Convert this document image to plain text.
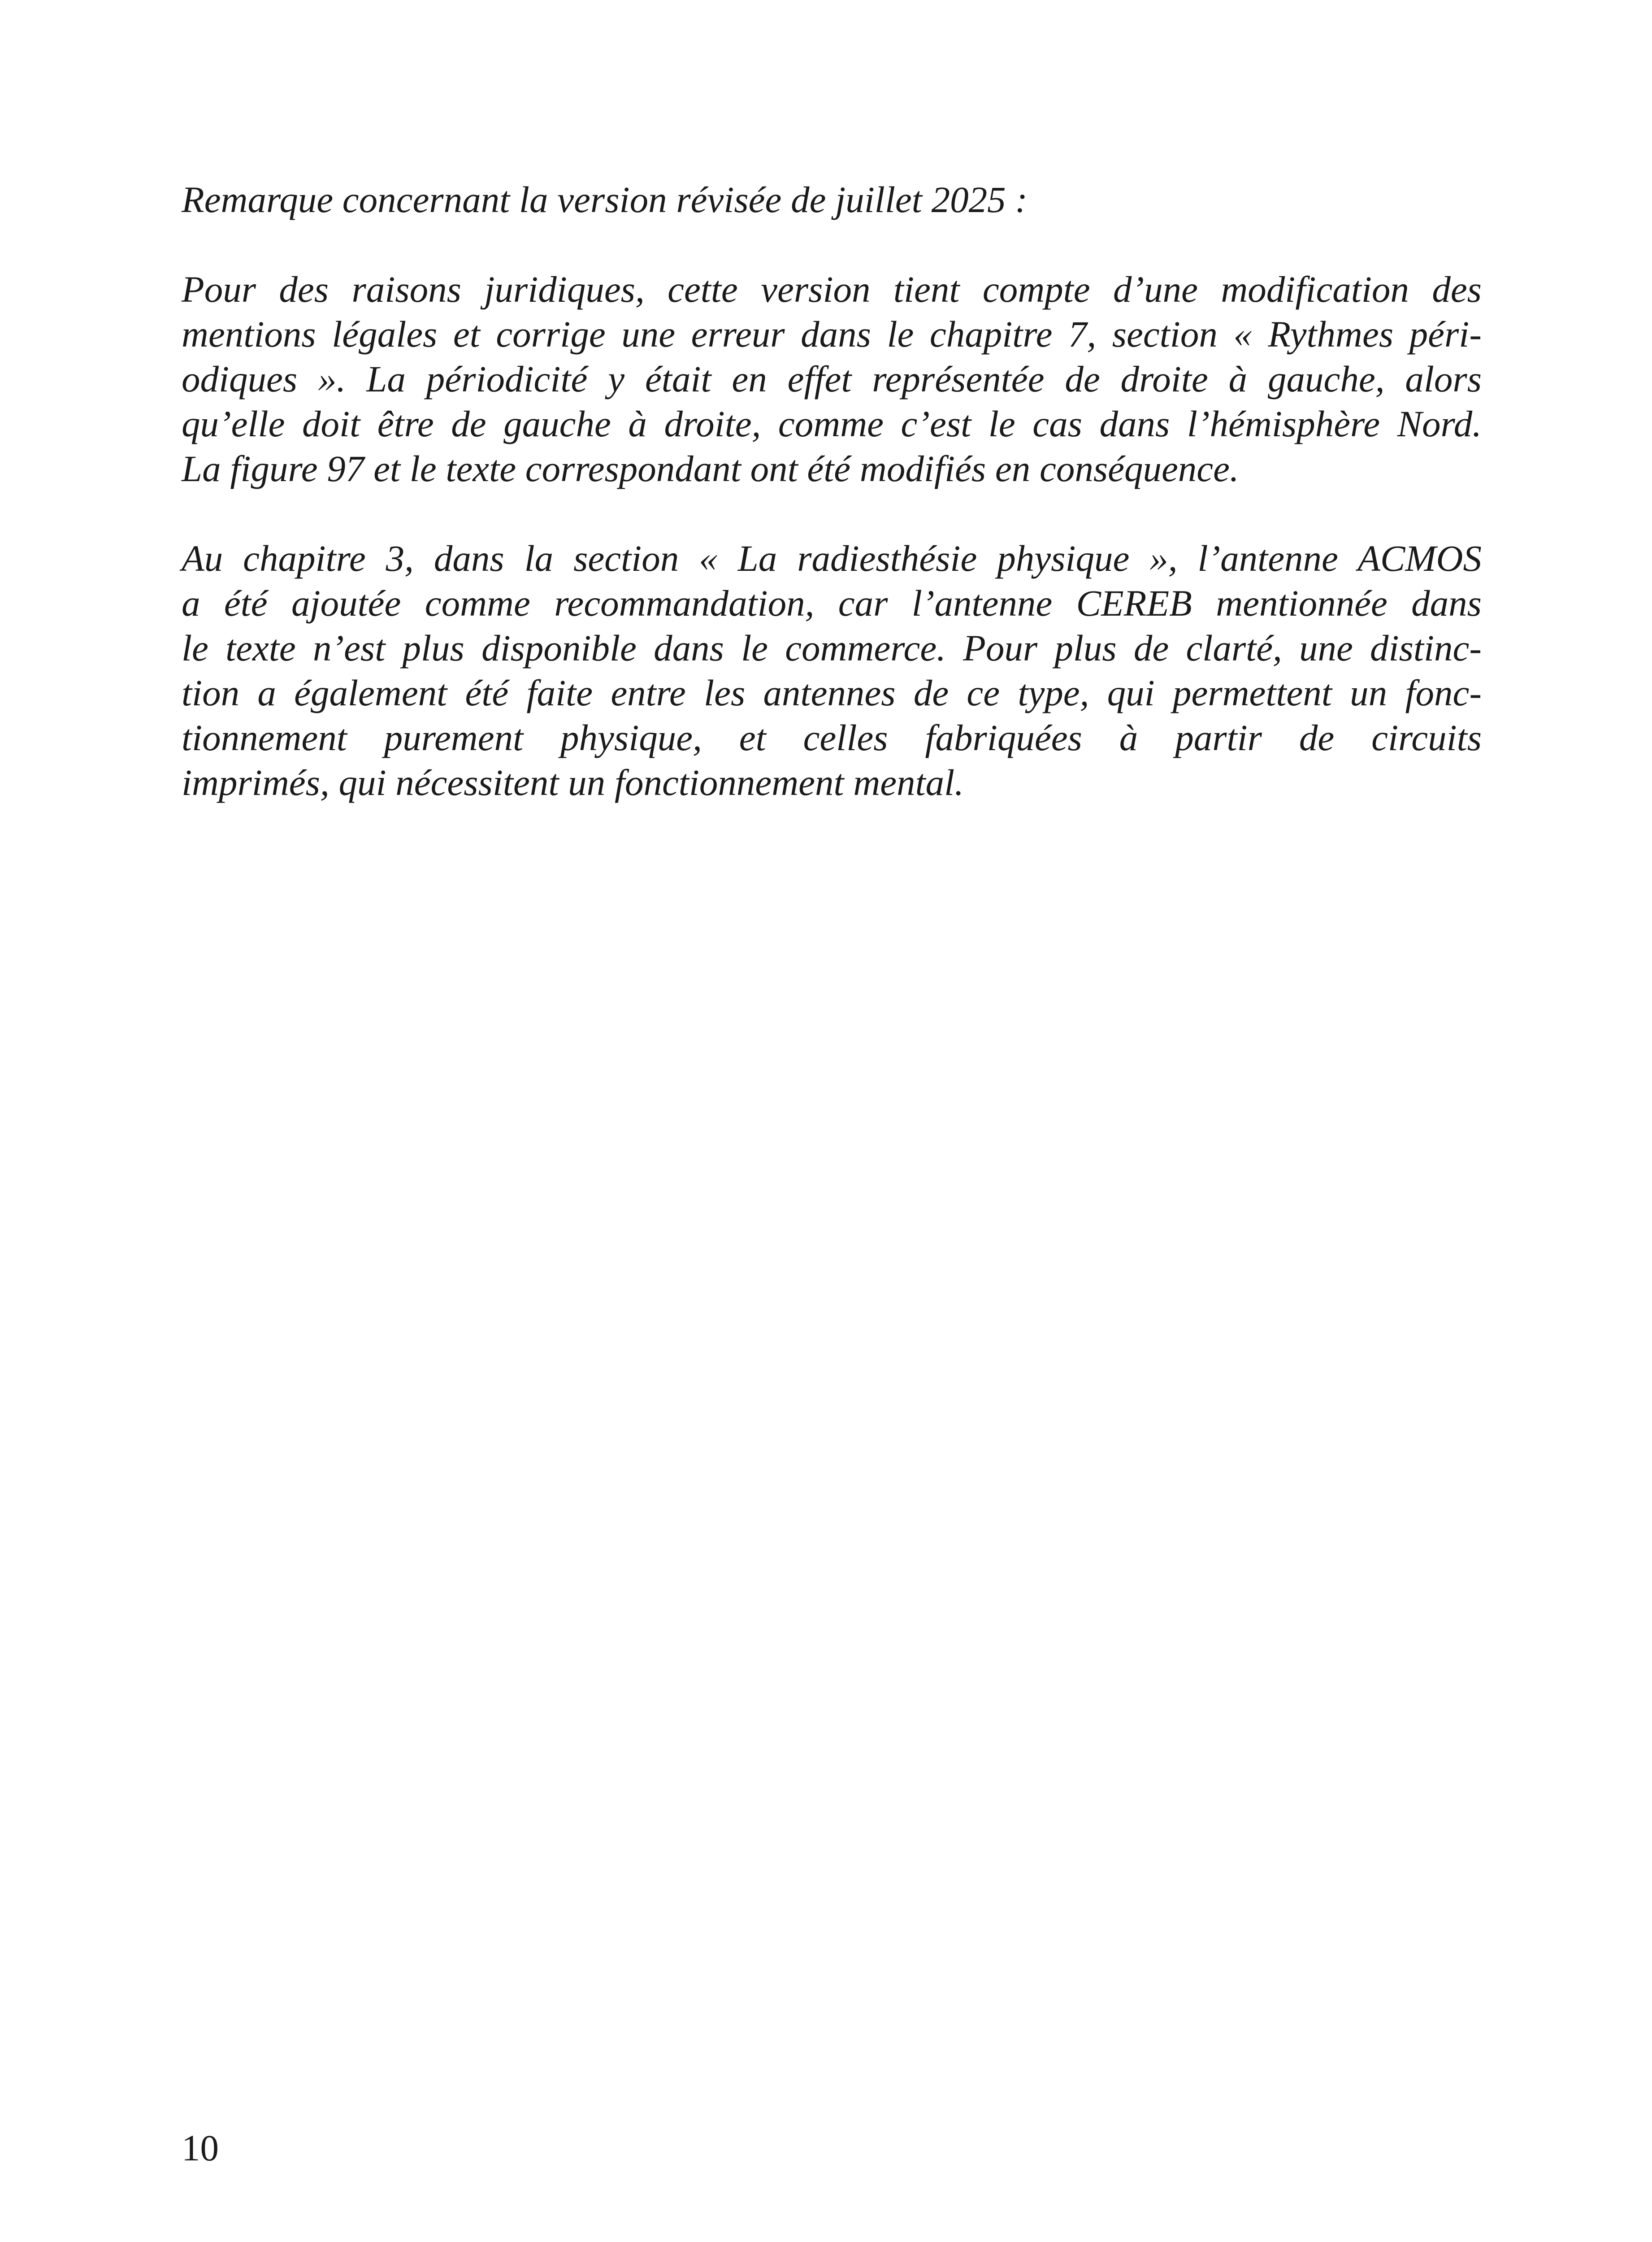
Remarque concernant la version révisée de juillet 2025 :

Pour des raisons juridiques, cette version tient compte d’une modification des
mentions légales et corrige une erreur dans le chapitre 7, section « Rythmes péri-
odiques ». La périodicité y était en effet représentée de droite à gauche, alors
qu’elle doit être de gauche à droite, comme c’est le cas dans l’hémisphère Nord.
La figure 97 et le texte correspondant ont été modifiés en conséquence.

Au chapitre 3, dans la section « La radiesthésie physique », l’antenne ACMOS
a été ajoutée comme recommandation, car l’antenne CEREB mentionnée dans
le texte n’est plus disponible dans le commerce. Pour plus de clarté, une distinc-
tion a également été faite entre les antennes de ce type, qui permettent un fonc-
tionnement purement physique, et celles fabriquées à partir de circuits
imprimés, qui nécessitent un fonctionnement mental.

10
